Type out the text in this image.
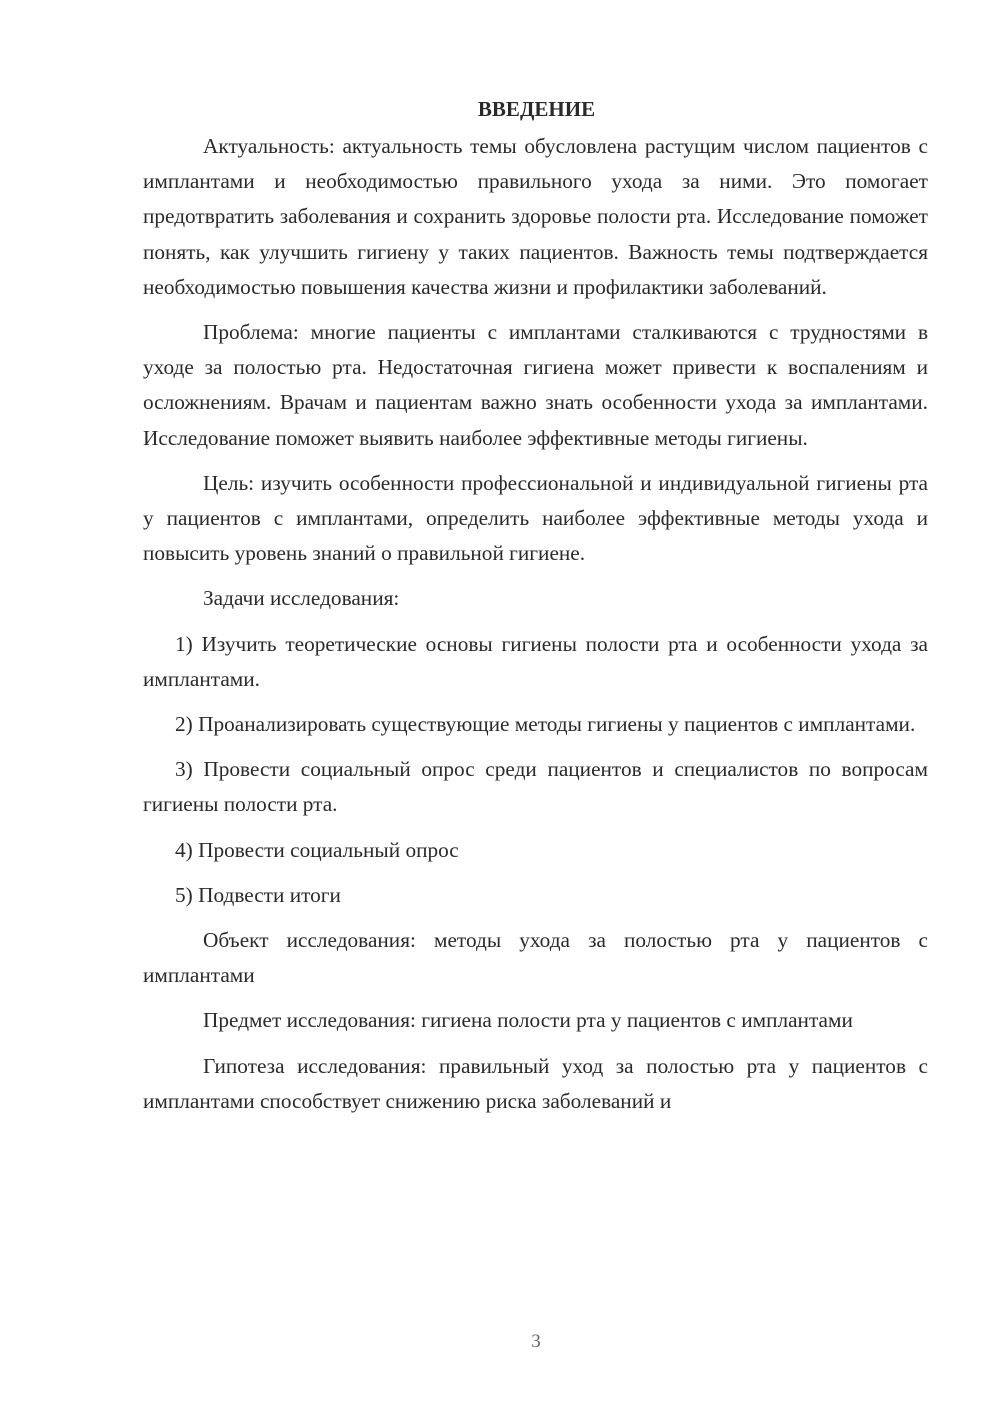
ВВЕДЕНИЕ

Актуальность: актуальность темы обусловлена растущим числом пациентов с имплантами и необходимостью правильного ухода за ними. Это помогает предотвратить заболевания и сохранить здоровье полости рта. Исследование поможет понять, как улучшить гигиену у таких пациентов. Важность темы подтверждается необходимостью повышения качества жизни и профилактики заболеваний.

Проблема: многие пациенты с имплантами сталкиваются с трудностями в уходе за полостью рта. Недостаточная гигиена может привести к воспалениям и осложнениям. Врачам и пациентам важно знать особенности ухода за имплантами. Исследование поможет выявить наиболее эффективные методы гигиены.

Цель: изучить особенности профессиональной и индивидуальной гигиены рта у пациентов с имплантами, определить наиболее эффективные методы ухода и повысить уровень знаний о правильной гигиене.

Задачи исследования:

1) Изучить теоретические основы гигиены полости рта и особенности ухода за имплантами.

2) Проанализировать существующие методы гигиены у пациентов с имплантами.

3) Провести социальный опрос среди пациентов и специалистов по вопросам гигиены полости рта.

4) Провести социальный опрос

5) Подвести итоги

Объект исследования: методы ухода за полостью рта у пациентов с имплантами

Предмет исследования: гигиена полости рта у пациентов с имплантами

Гипотеза исследования: правильный уход за полостью рта у пациентов с имплантами способствует снижению риска заболеваний и

3
